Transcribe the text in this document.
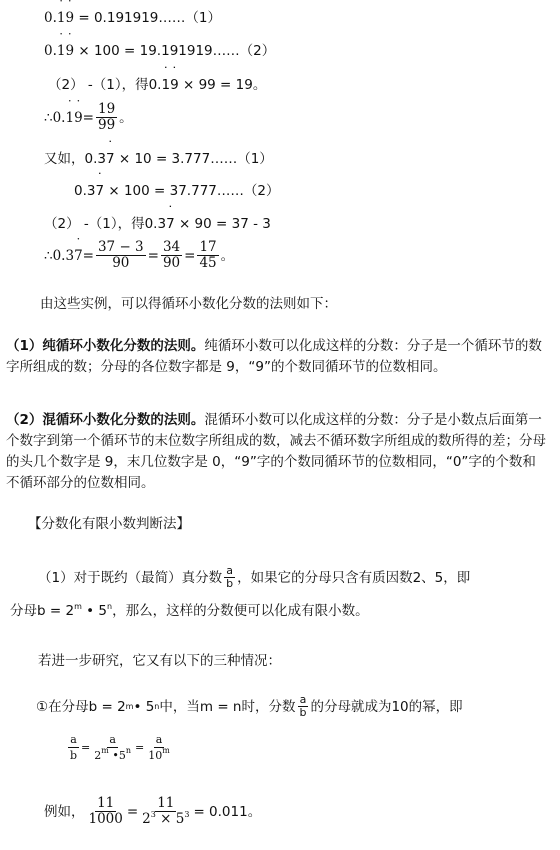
0.˙ 1˙ 9 = 0.191919……（1）
0.˙ 1˙ 9 × 100 = 19.191919……（2）
（2） -（1），得0.˙ 1˙ 9 × 99 = 19。
∴0. ˙ 1 ˙ $9 = \frac{19}{99}$ 。
又如，0.3˙ 7 × 10 = 3.777……（1）
0.3˙ 7 × 100 = 37.777……（2）
（2） -（1），得0.3˙ 7 × 90 = 37 - 3
∴0.3 ˙ $7 = \frac{37 - 3}{90} = \frac{34}{90} = \frac{17}{45}$ 。
由这些实例，可以得循环小数化分数的法则如下：
（1）纯循环小数化分数的法则。纯循环小数可以化成这样的分数：分子是一个循环节的数字所组成的数；分母的各位数字都是 9，“9”的个数同循环节的位数相同。
（2）混循环小数化分数的法则。混循环小数可以化成这样的分数：分子是小数点后面第一个数字到第一个循环节的末位数字所组成的数，减去不循环数字所组成的数所得的差；分母的头几个数字是 9，末几位数字是 0，“9”字的个数同循环节的位数相同，“0”字的个数和不循环部分的位数相同。
【分数化有限小数判断法】
（1）对于既约（最简）真分数 $\frac{a}{b}$ ，如果它的分母只含有质因数2、5，即
分母$b = 2^m$ • 5$^n$，那么，这样的分数便可以化成有限小数。
若进一步研究，它又有以下的三种情况：
①在分母b = 2 m • 5 n 中，当m = n时，分数 $\frac{a}{b}$ 的分母就成为10的幂，即
$\frac{a}{b} = \frac{a}{2^m •5^n} = \frac{a}{10^m}$
例如， $\frac{11}{1000} = \frac{11}{2^3 \times 5^3} = 0.011$。
